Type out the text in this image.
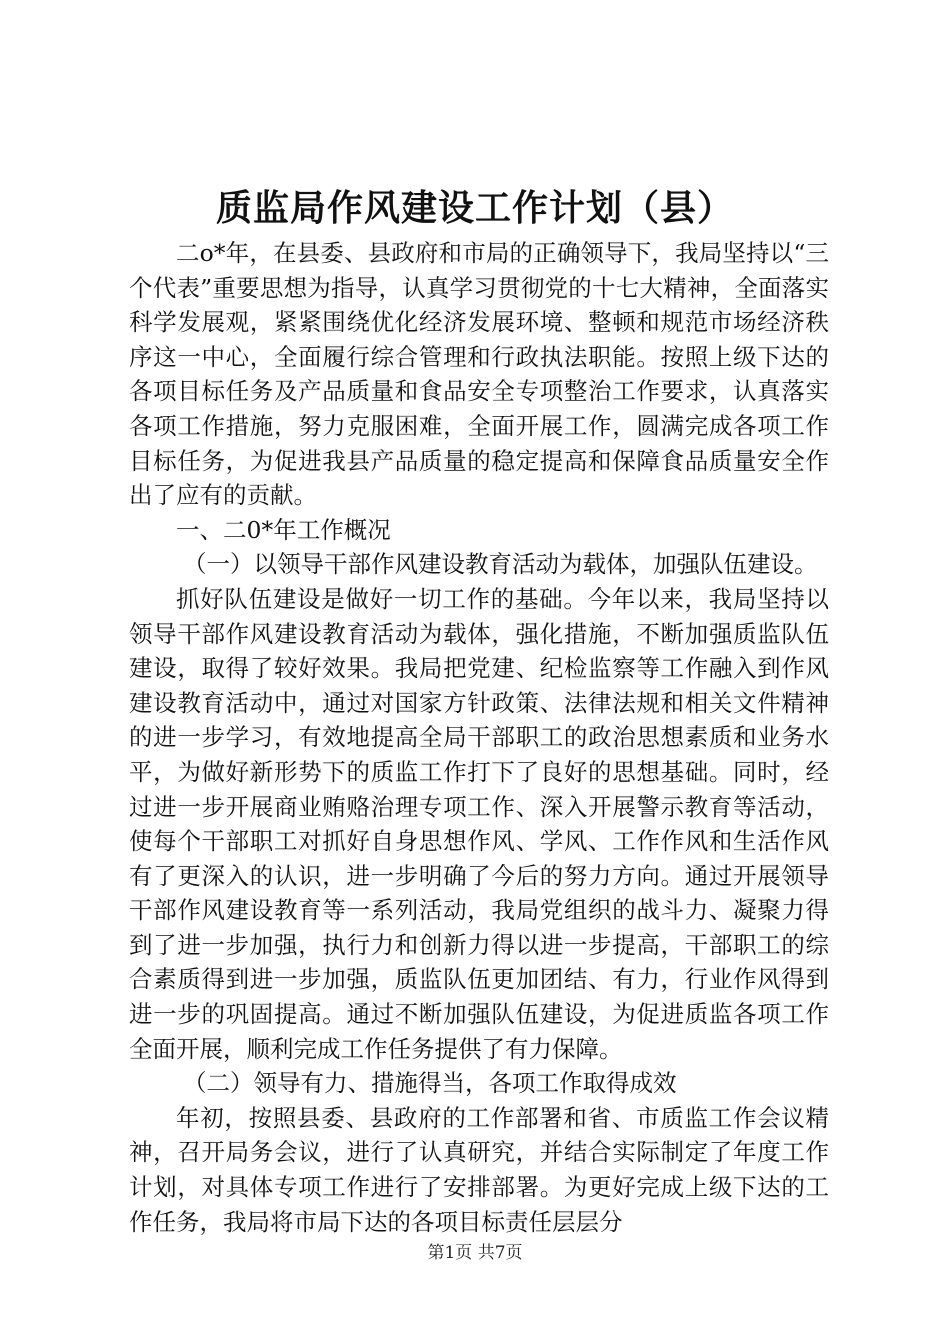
质监局作风建设工作计划（县）

二o*年，在县委、县政府和市局的正确领导下，我局坚持以“三个代表”重要思想为指导，认真学习贯彻党的十七大精神，全面落实科学发展观，紧紧围绕优化经济发展环境、整顿和规范市场经济秩序这一中心，全面履行综合管理和行政执法职能。按照上级下达的各项目标任务及产品质量和食品安全专项整治工作要求，认真落实各项工作措施，努力克服困难，全面开展工作，圆满完成各项工作目标任务，为促进我县产品质量的稳定提高和保障食品质量安全作出了应有的贡献。

一、二0*年工作概况

（一）以领导干部作风建设教育活动为载体，加强队伍建设。

抓好队伍建设是做好一切工作的基础。今年以来，我局坚持以领导干部作风建设教育活动为载体，强化措施，不断加强质监队伍建设，取得了较好效果。我局把党建、纪检监察等工作融入到作风建设教育活动中，通过对国家方针政策、法律法规和相关文件精神的进一步学习，有效地提高全局干部职工的政治思想素质和业务水平，为做好新形势下的质监工作打下了良好的思想基础。同时，经过进一步开展商业贿赂治理专项工作、深入开展警示教育等活动，使每个干部职工对抓好自身思想作风、学风、工作作风和生活作风有了更深入的认识，进一步明确了今后的努力方向。通过开展领导干部作风建设教育等一系列活动，我局党组织的战斗力、凝聚力得到了进一步加强，执行力和创新力得以进一步提高，干部职工的综合素质得到进一步加强，质监队伍更加团结、有力，行业作风得到进一步的巩固提高。通过不断加强队伍建设，为促进质监各项工作全面开展，顺利完成工作任务提供了有力保障。

（二）领导有力、措施得当，各项工作取得成效

年初，按照县委、县政府的工作部署和省、市质监工作会议精神，召开局务会议，进行了认真研究，并结合实际制定了年度工作计划，对具体专项工作进行了安排部署。为更好完成上级下达的工作任务，我局将市局下达的各项目标责任层层分

第1页 共7页
